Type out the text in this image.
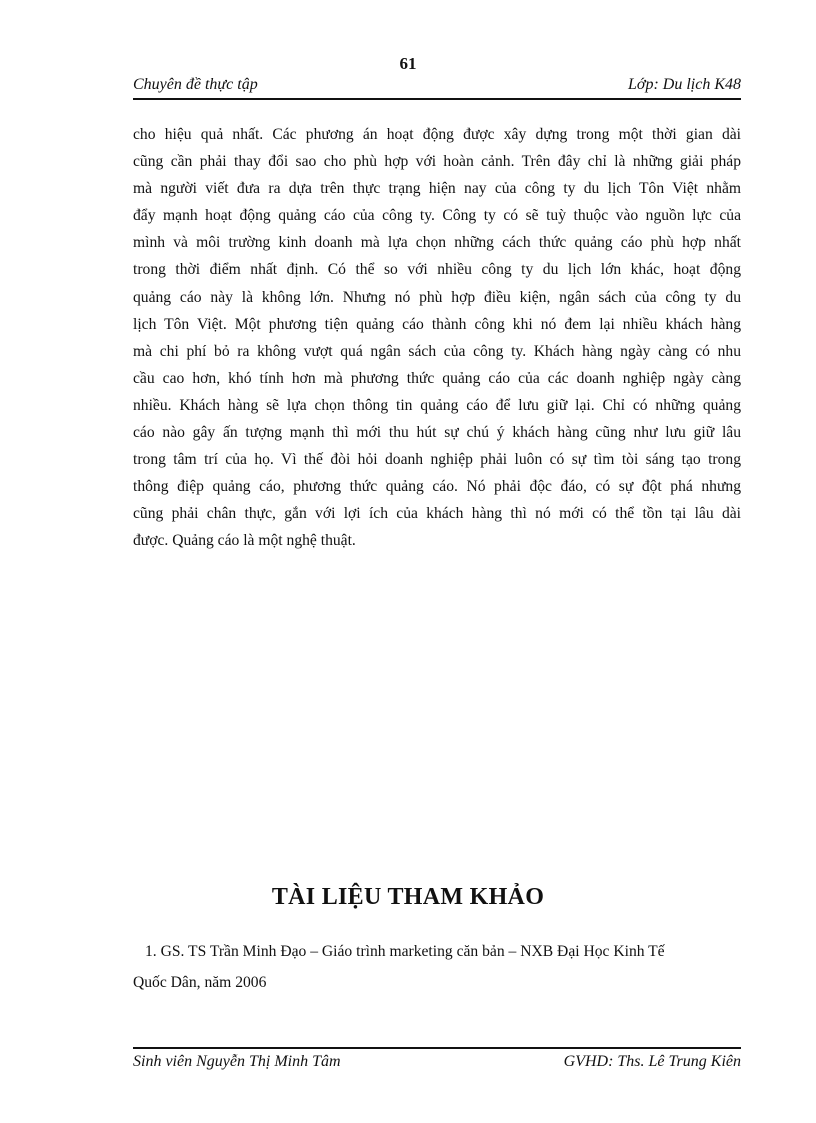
61
Chuyên đề thực tập	Lớp: Du lịch K48
cho hiệu quả nhất. Các phương án hoạt động được xây dựng trong một thời gian dài
cũng cần phải thay đổi sao cho phù hợp với hoàn cảnh. Trên đây chỉ là những giải pháp
mà người viết đưa ra dựa trên thực trạng hiện nay của công ty du lịch Tôn Việt nhằm
đẩy mạnh hoạt động quảng cáo của công ty. Công ty có sẽ tuỳ thuộc vào nguồn lực của
mình và môi trường kinh doanh mà lựa chọn những cách thức quảng cáo phù hợp nhất
trong thời điểm nhất định. Có thể so với nhiều công ty du lịch lớn khác, hoạt động
quảng cáo này là không lớn. Nhưng nó phù hợp điều kiện, ngân sách của công ty du
lịch Tôn Việt. Một phương tiện quảng cáo thành công khi nó đem lại nhiều khách hàng
mà chi phí bỏ ra không vượt quá ngân sách của công ty. Khách hàng ngày càng có nhu
cầu cao hơn, khó tính hơn mà phương thức quảng cáo của các doanh nghiệp ngày càng
nhiều. Khách hàng sẽ lựa chọn thông tin quảng cáo để lưu giữ lại. Chỉ có những quảng
cáo nào gây ấn tượng mạnh thì mới thu hút sự chú ý khách hàng cũng như lưu giữ lâu
trong tâm trí của họ. Vì thế đòi hỏi doanh nghiệp phải luôn có sự tìm tòi sáng tạo trong
thông điệp quảng cáo, phương thức quảng cáo. Nó phải độc đáo, có sự đột phá nhưng
cũng phải chân thực, gắn với lợi ích của khách hàng thì nó mới có thể tồn tại lâu dài
được. Quảng cáo là một nghệ thuật.
TÀI LIỆU THAM KHẢO
1. GS. TS Trần Minh Đạo – Giáo trình marketing căn bản – NXB Đại Học Kinh Tế
Quốc Dân, năm 2006
Sinh viên Nguyễn Thị Minh Tâm	GVHD: Ths. Lê Trung Kiên
